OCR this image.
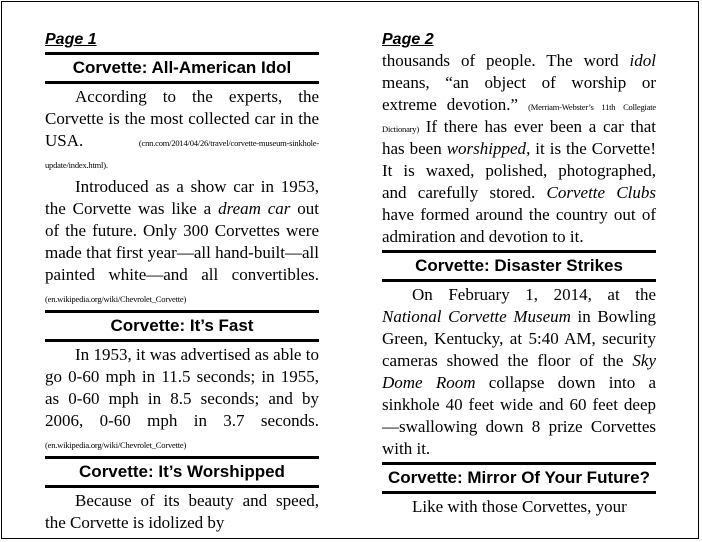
Page 1
Corvette: All-American Idol

According to the experts, the Corvette is the most collected car in the USA. (cnn.com/2014/04/26/travel/corvette-museum-sinkhole-update/index.html).

Introduced as a show car in 1953, the Corvette was like a dream car out of the future. Only 300 Corvettes were made that first year—all hand-built—all painted white—and all convertibles. (en.wikipedia.org/wiki/Chevrolet_Corvette)

Corvette: It’s Fast

In 1953, it was advertised as able to go 0-60 mph in 11.5 seconds; in 1955, as 0-60 mph in 8.5 seconds; and by 2006, 0-60 mph in 3.7 seconds. (en.wikipedia.org/wiki/Chevrolet_Corvette)

Corvette: It’s Worshipped

Because of its beauty and speed, the Corvette is idolized by

Page 2

thousands of people. The word idol means, “an object of worship or extreme devotion.” (Merriam-Webster’s 11th Collegiate Dictionary) If there has ever been a car that has been worshipped, it is the Corvette! It is waxed, polished, photographed, and carefully stored. Corvette Clubs have formed around the country out of admiration and devotion to it.

Corvette: Disaster Strikes

On February 1, 2014, at the National Corvette Museum in Bowling Green, Kentucky, at 5:40 AM, security cameras showed the floor of the Sky Dome Room collapse down into a sinkhole 40 feet wide and 60 feet deep—swallowing down 8 prize Corvettes with it.

Corvette: Mirror Of Your Future?

Like with those Corvettes, your
